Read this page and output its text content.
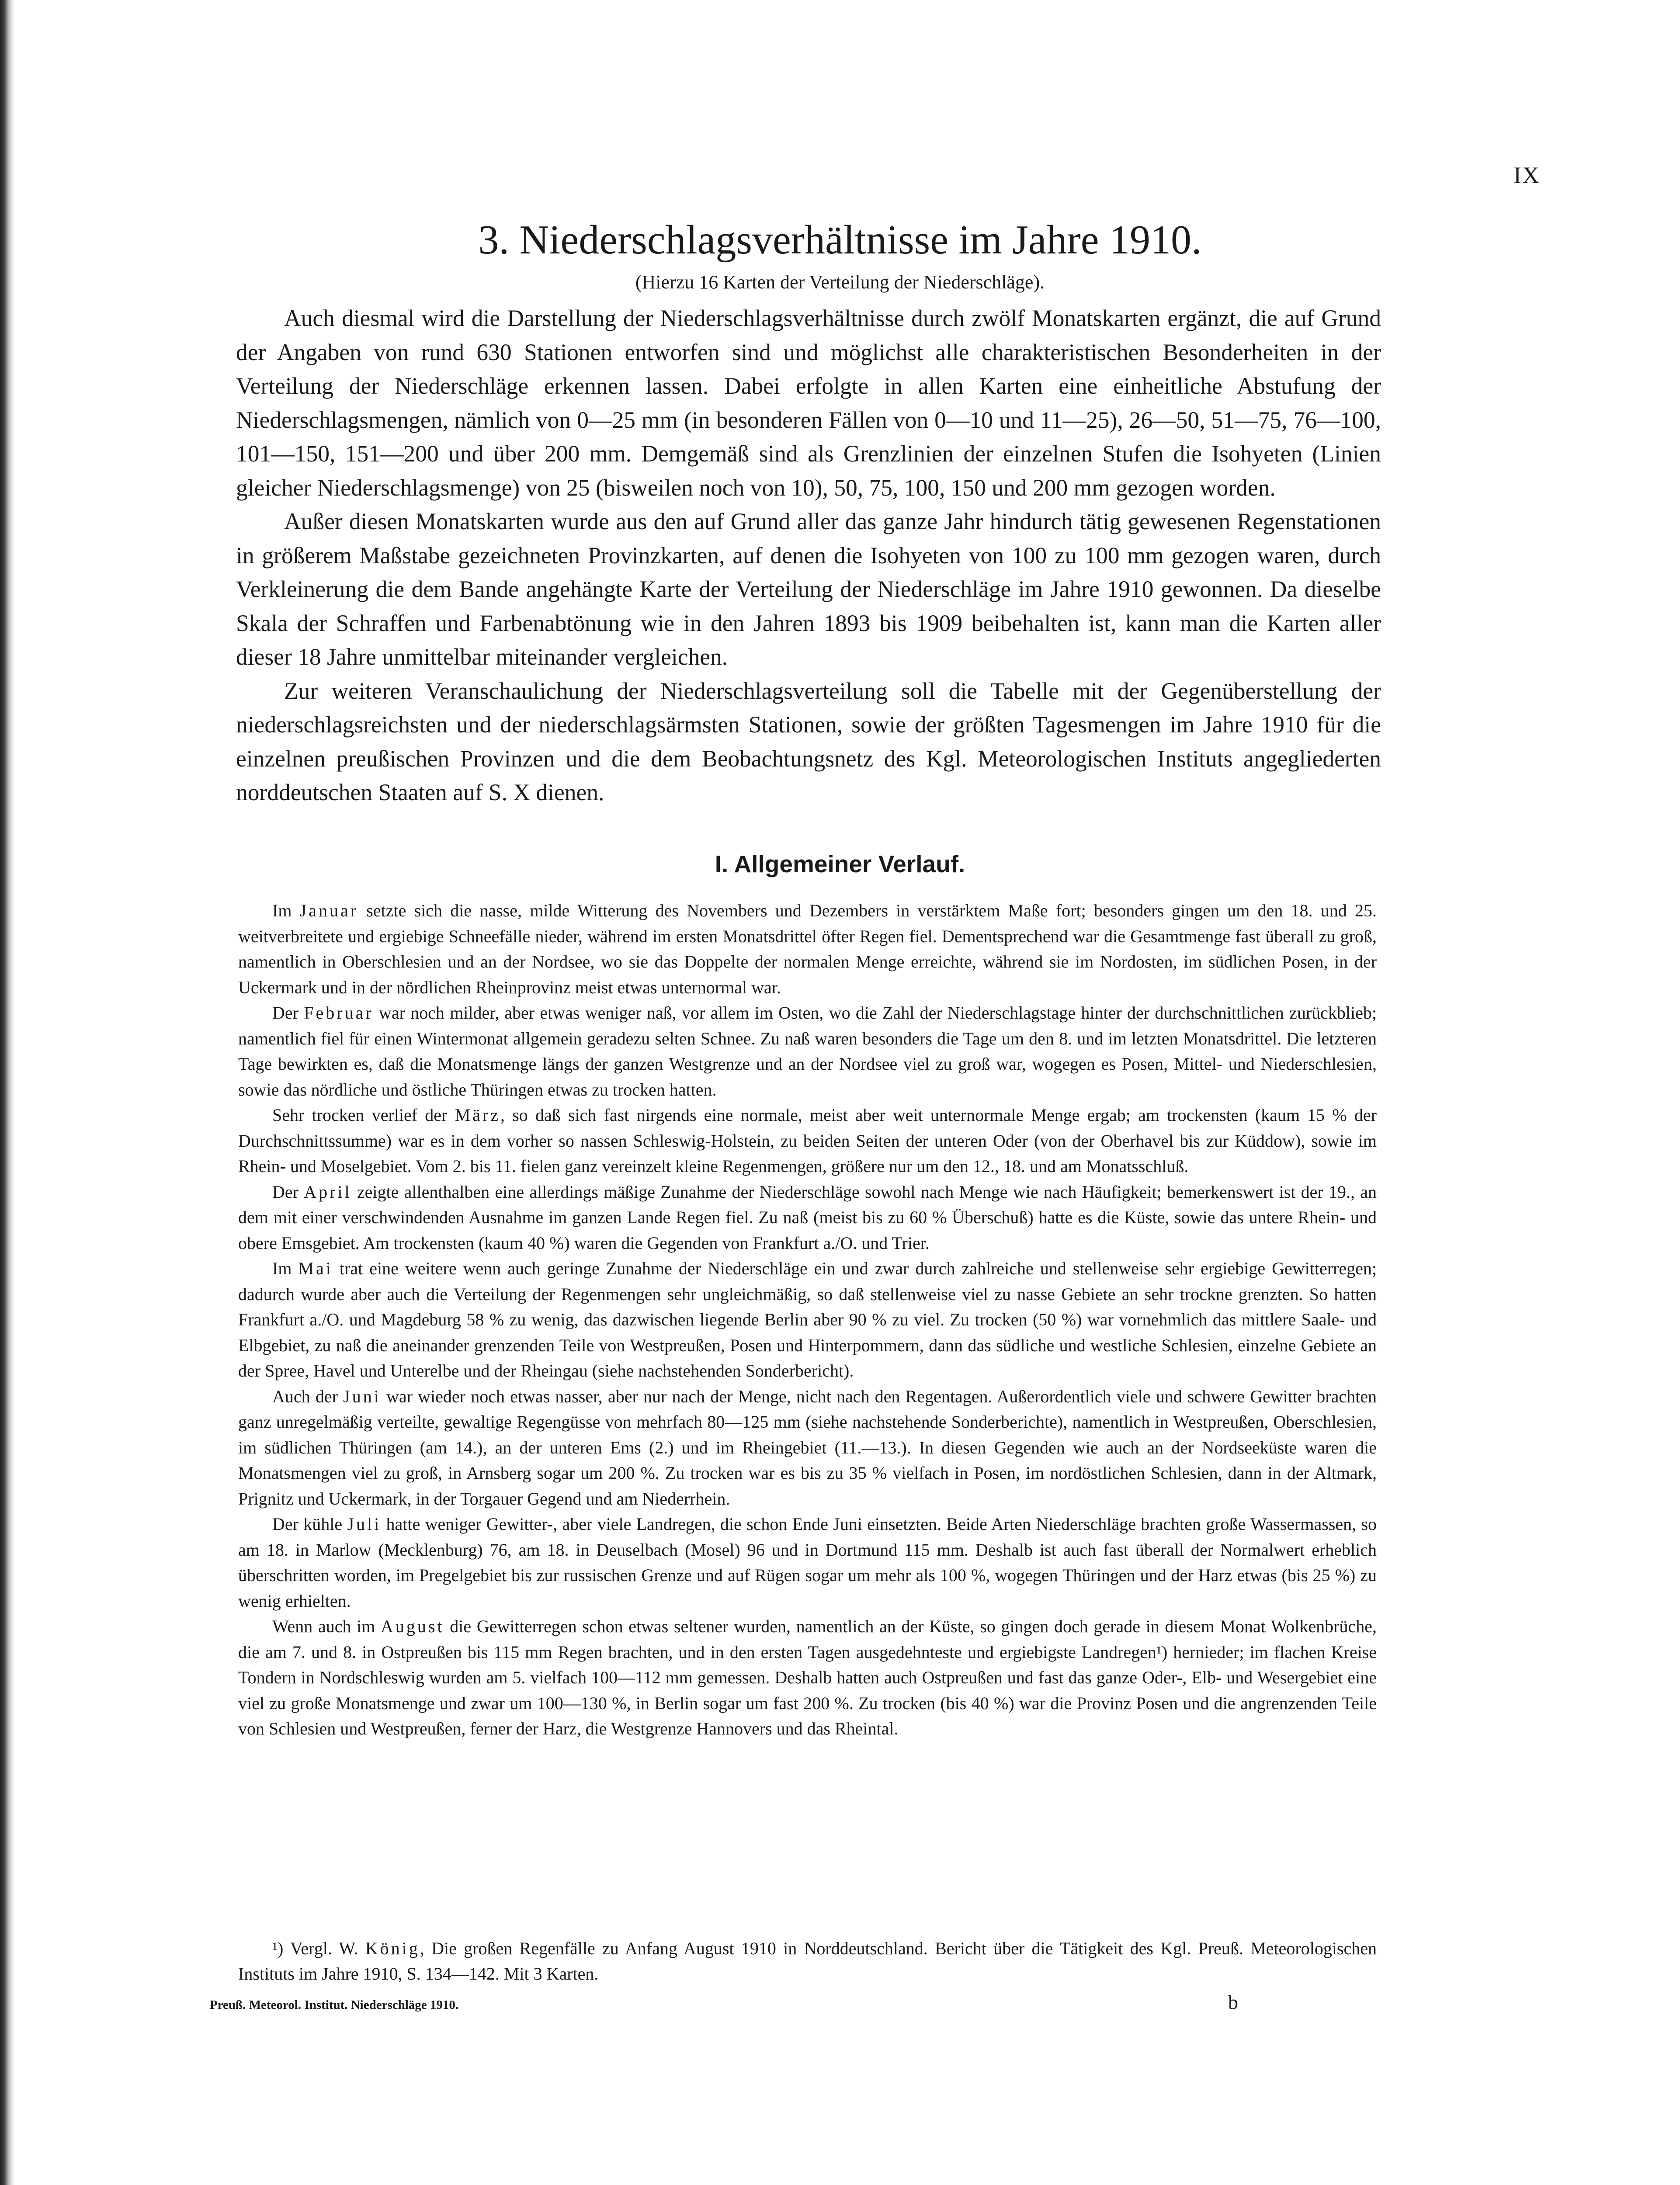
IX
3. Niederschlagsverhältnisse im Jahre 1910.
(Hierzu 16 Karten der Verteilung der Niederschläge).

Auch diesmal wird die Darstellung der Niederschlagsverhältnisse durch zwölf Monatskarten ergänzt, die auf Grund der Angaben von rund 630 Stationen entworfen sind und möglichst alle charakteristischen Besonderheiten in der Verteilung der Niederschläge erkennen lassen. Dabei erfolgte in allen Karten eine einheitliche Abstufung der Niederschlagsmengen, nämlich von 0—25 mm (in besonderen Fällen von 0—10 und 11—25), 26—50, 51—75, 76—100, 101—150, 151—200 und über 200 mm. Demgemäß sind als Grenzlinien der einzelnen Stufen die Isohyeten (Linien gleicher Niederschlagsmenge) von 25 (bisweilen noch von 10), 50, 75, 100, 150 und 200 mm gezogen worden.

Außer diesen Monatskarten wurde aus den auf Grund aller das ganze Jahr hindurch tätig gewesenen Regenstationen in größerem Maßstabe gezeichneten Provinzkarten, auf denen die Isohyeten von 100 zu 100 mm gezogen waren, durch Verkleinerung die dem Bande angehängte Karte der Verteilung der Niederschläge im Jahre 1910 gewonnen. Da dieselbe Skala der Schraffen und Farbenabtönung wie in den Jahren 1893 bis 1909 beibehalten ist, kann man die Karten aller dieser 18 Jahre unmittelbar miteinander vergleichen.

Zur weiteren Veranschaulichung der Niederschlagsverteilung soll die Tabelle mit der Gegenüberstellung der niederschlagsreichsten und der niederschlagsärmsten Stationen, sowie der größten Tagesmengen im Jahre 1910 für die einzelnen preußischen Provinzen und die dem Beobachtungsnetz des Kgl. Meteorologischen Instituts angegliederten norddeutschen Staaten auf S. X dienen.

I. Allgemeiner Verlauf.

Im Januar setzte sich die nasse, milde Witterung des Novembers und Dezembers in verstärktem Maße fort; besonders gingen um den 18. und 25. weitverbreitete und ergiebige Schneefälle nieder, während im ersten Monatsdrittel öfter Regen fiel. Dementsprechend war die Gesamtmenge fast überall zu groß, namentlich in Oberschlesien und an der Nordsee, wo sie das Doppelte der normalen Menge erreichte, während sie im Nordosten, im südlichen Posen, in der Uckermark und in der nördlichen Rheinprovinz meist etwas unternormal war.

Der Februar war noch milder, aber etwas weniger naß, vor allem im Osten, wo die Zahl der Niederschlagstage hinter der durchschnittlichen zurückblieb; namentlich fiel für einen Wintermonat allgemein geradezu selten Schnee. Zu naß waren besonders die Tage um den 8. und im letzten Monatsdrittel. Die letzteren Tage bewirkten es, daß die Monatsmenge längs der ganzen Westgrenze und an der Nordsee viel zu groß war, wogegen es Posen, Mittel- und Niederschlesien, sowie das nördliche und östliche Thüringen etwas zu trocken hatten.

Sehr trocken verlief der März, so daß sich fast nirgends eine normale, meist aber weit unternormale Menge ergab; am trockensten (kaum 15 % der Durchschnittssumme) war es in dem vorher so nassen Schleswig-Holstein, zu beiden Seiten der unteren Oder (von der Oberhavel bis zur Küddow), sowie im Rhein- und Moselgebiet. Vom 2. bis 11. fielen ganz vereinzelt kleine Regenmengen, größere nur um den 12., 18. und am Monatsschluß.

Der April zeigte allenthalben eine allerdings mäßige Zunahme der Niederschläge sowohl nach Menge wie nach Häufigkeit; bemerkenswert ist der 19., an dem mit einer verschwindenden Ausnahme im ganzen Lande Regen fiel. Zu naß (meist bis zu 60 % Überschuß) hatte es die Küste, sowie das untere Rhein- und obere Emsgebiet. Am trockensten (kaum 40 %) waren die Gegenden von Frankfurt a./O. und Trier.

Im Mai trat eine weitere wenn auch geringe Zunahme der Niederschläge ein und zwar durch zahlreiche und stellenweise sehr ergiebige Gewitterregen; dadurch wurde aber auch die Verteilung der Regenmengen sehr ungleichmäßig, so daß stellenweise viel zu nasse Gebiete an sehr trockne grenzten. So hatten Frankfurt a./O. und Magdeburg 58 % zu wenig, das dazwischen liegende Berlin aber 90 % zu viel. Zu trocken (50 %) war vornehmlich das mittlere Saale- und Elbgebiet, zu naß die aneinander grenzenden Teile von Westpreußen, Posen und Hinterpommern, dann das südliche und westliche Schlesien, einzelne Gebiete an der Spree, Havel und Unterelbe und der Rheingau (siehe nachstehenden Sonderbericht).

Auch der Juni war wieder noch etwas nasser, aber nur nach der Menge, nicht nach den Regentagen. Außerordentlich viele und schwere Gewitter brachten ganz unregelmäßig verteilte, gewaltige Regengüsse von mehrfach 80—125 mm (siehe nachstehende Sonderberichte), namentlich in Westpreußen, Oberschlesien, im südlichen Thüringen (am 14.), an der unteren Ems (2.) und im Rheingebiet (11.—13.). In diesen Gegenden wie auch an der Nordseeküste waren die Monatsmengen viel zu groß, in Arnsberg sogar um 200 %. Zu trocken war es bis zu 35 % vielfach in Posen, im nordöstlichen Schlesien, dann in der Altmark, Prignitz und Uckermark, in der Torgauer Gegend und am Niederrhein.

Der kühle Juli hatte weniger Gewitter-, aber viele Landregen, die schon Ende Juni einsetzten. Beide Arten Niederschläge brachten große Wassermassen, so am 18. in Marlow (Mecklenburg) 76, am 18. in Deuselbach (Mosel) 96 und in Dortmund 115 mm. Deshalb ist auch fast überall der Normalwert erheblich überschritten worden, im Pregelgebiet bis zur russischen Grenze und auf Rügen sogar um mehr als 100 %, wogegen Thüringen und der Harz etwas (bis 25 %) zu wenig erhielten.

Wenn auch im August die Gewitterregen schon etwas seltener wurden, namentlich an der Küste, so gingen doch gerade in diesem Monat Wolkenbrüche, die am 7. und 8. in Ostpreußen bis 115 mm Regen brachten, und in den ersten Tagen ausgedehnteste und ergiebigste Landregen¹) hernieder; im flachen Kreise Tondern in Nordschleswig wurden am 5. vielfach 100—112 mm gemessen. Deshalb hatten auch Ostpreußen und fast das ganze Oder-, Elb- und Wesergebiet eine viel zu große Monatsmenge und zwar um 100—130 %, in Berlin sogar um fast 200 %. Zu trocken (bis 40 %) war die Provinz Posen und die angrenzenden Teile von Schlesien und Westpreußen, ferner der Harz, die Westgrenze Hannovers und das Rheintal.

¹) Vergl. W. König, Die großen Regenfälle zu Anfang August 1910 in Norddeutschland. Bericht über die Tätigkeit des Kgl. Preuß. Meteorologischen Instituts im Jahre 1910, S. 134—142. Mit 3 Karten.

Preuß. Meteorol. Institut. Niederschläge 1910.	b
